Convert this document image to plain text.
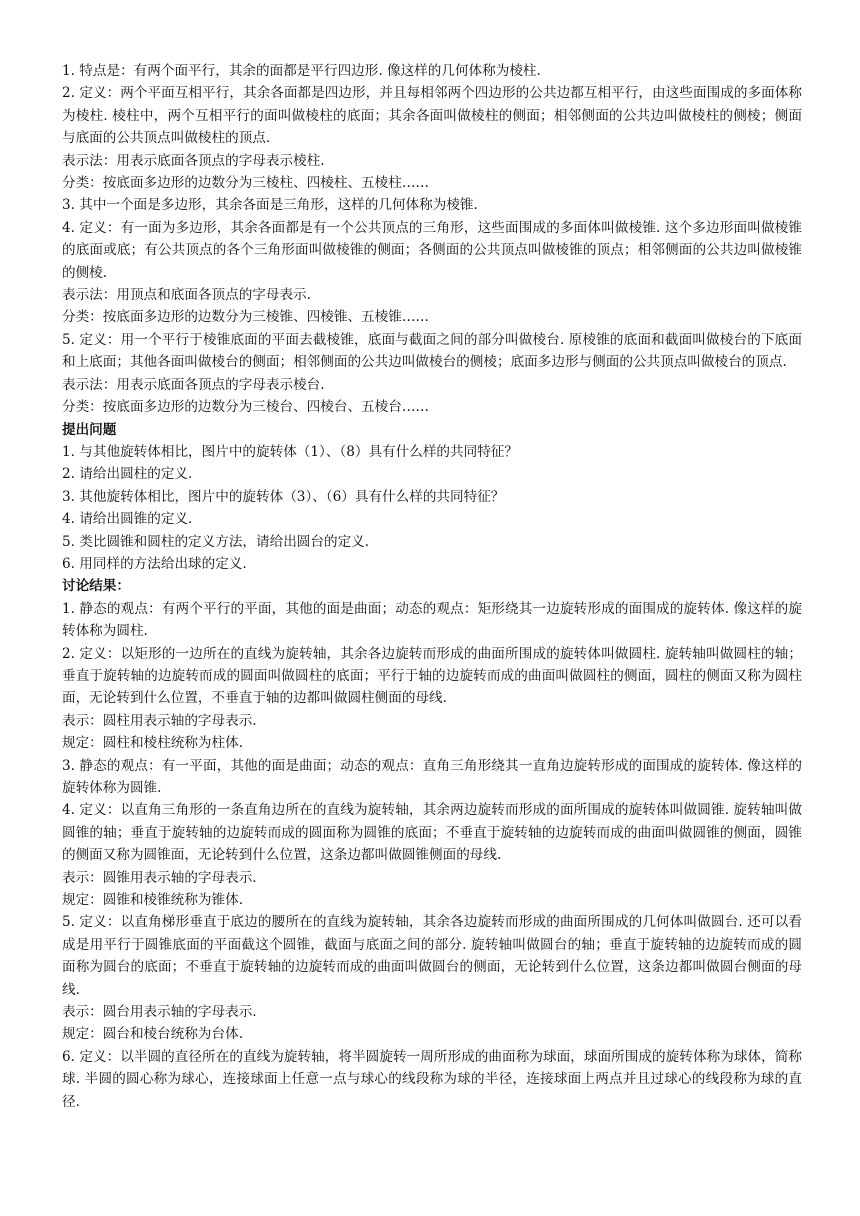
1. 特点是：有两个面平行，其余的面都是平行四边形. 像这样的几何体称为棱柱.
2. 定义：两个平面互相平行，其余各面都是四边形，并且每相邻两个四边形的公共边都互相平行，由这些面围成的多面体称为棱柱. 棱柱中，两个互相平行的面叫做棱柱的底面；其余各面叫做棱柱的侧面；相邻侧面的公共边叫做棱柱的侧棱；侧面与底面的公共顶点叫做棱柱的顶点.
表示法：用表示底面各顶点的字母表示棱柱.
分类：按底面多边形的边数分为三棱柱、四棱柱、五棱柱……
3. 其中一个面是多边形，其余各面是三角形，这样的几何体称为棱锥.
4. 定义：有一面为多边形，其余各面都是有一个公共顶点的三角形，这些面围成的多面体叫做棱锥. 这个多边形面叫做棱锥的底面或底；有公共顶点的各个三角形面叫做棱锥的侧面；各侧面的公共顶点叫做棱锥的顶点；相邻侧面的公共边叫做棱锥的侧棱.
表示法：用顶点和底面各顶点的字母表示.
分类：按底面多边形的边数分为三棱锥、四棱锥、五棱锥……
5. 定义：用一个平行于棱锥底面的平面去截棱锥，底面与截面之间的部分叫做棱台. 原棱锥的底面和截面叫做棱台的下底面和上底面；其他各面叫做棱台的侧面；相邻侧面的公共边叫做棱台的侧棱；底面多边形与侧面的公共顶点叫做棱台的顶点.
表示法：用表示底面各顶点的字母表示棱台.
分类：按底面多边形的边数分为三棱台、四棱台、五棱台……
提出问题
1. 与其他旋转体相比，图片中的旋转体（1）、（8）具有什么样的共同特征？
2. 请给出圆柱的定义.
3. 其他旋转体相比，图片中的旋转体（3）、（6）具有什么样的共同特征？
4. 请给出圆锥的定义.
5. 类比圆锥和圆柱的定义方法，请给出圆台的定义.
6. 用同样的方法给出球的定义.
讨论结果：
1. 静态的观点：有两个平行的平面，其他的面是曲面；动态的观点：矩形绕其一边旋转形成的面围成的旋转体. 像这样的旋转体称为圆柱.
2. 定义：以矩形的一边所在的直线为旋转轴，其余各边旋转而形成的曲面所围成的旋转体叫做圆柱. 旋转轴叫做圆柱的轴；垂直于旋转轴的边旋转而成的圆面叫做圆柱的底面；平行于轴的边旋转而成的曲面叫做圆柱的侧面，圆柱的侧面又称为圆柱面，无论转到什么位置，不垂直于轴的边都叫做圆柱侧面的母线.
表示：圆柱用表示轴的字母表示.
规定：圆柱和棱柱统称为柱体.
3. 静态的观点：有一平面，其他的面是曲面；动态的观点：直角三角形绕其一直角边旋转形成的面围成的旋转体. 像这样的旋转体称为圆锥.
4. 定义：以直角三角形的一条直角边所在的直线为旋转轴，其余两边旋转而形成的面所围成的旋转体叫做圆锥. 旋转轴叫做圆锥的轴；垂直于旋转轴的边旋转而成的圆面称为圆锥的底面；不垂直于旋转轴的边旋转而成的曲面叫做圆锥的侧面，圆锥的侧面又称为圆锥面，无论转到什么位置，这条边都叫做圆锥侧面的母线.
表示：圆锥用表示轴的字母表示.
规定：圆锥和棱锥统称为锥体.
5. 定义：以直角梯形垂直于底边的腰所在的直线为旋转轴，其余各边旋转而形成的曲面所围成的几何体叫做圆台. 还可以看成是用平行于圆锥底面的平面截这个圆锥，截面与底面之间的部分. 旋转轴叫做圆台的轴；垂直于旋转轴的边旋转而成的圆面称为圆台的底面；不垂直于旋转轴的边旋转而成的曲面叫做圆台的侧面，无论转到什么位置，这条边都叫做圆台侧面的母线.
表示：圆台用表示轴的字母表示.
规定：圆台和棱台统称为台体.
6. 定义：以半圆的直径所在的直线为旋转轴，将半圆旋转一周所形成的曲面称为球面，球面所围成的旋转体称为球体，简称球. 半圆的圆心称为球心，连接球面上任意一点与球心的线段称为球的半径，连接球面上两点并且过球心的线段称为球的直径.
